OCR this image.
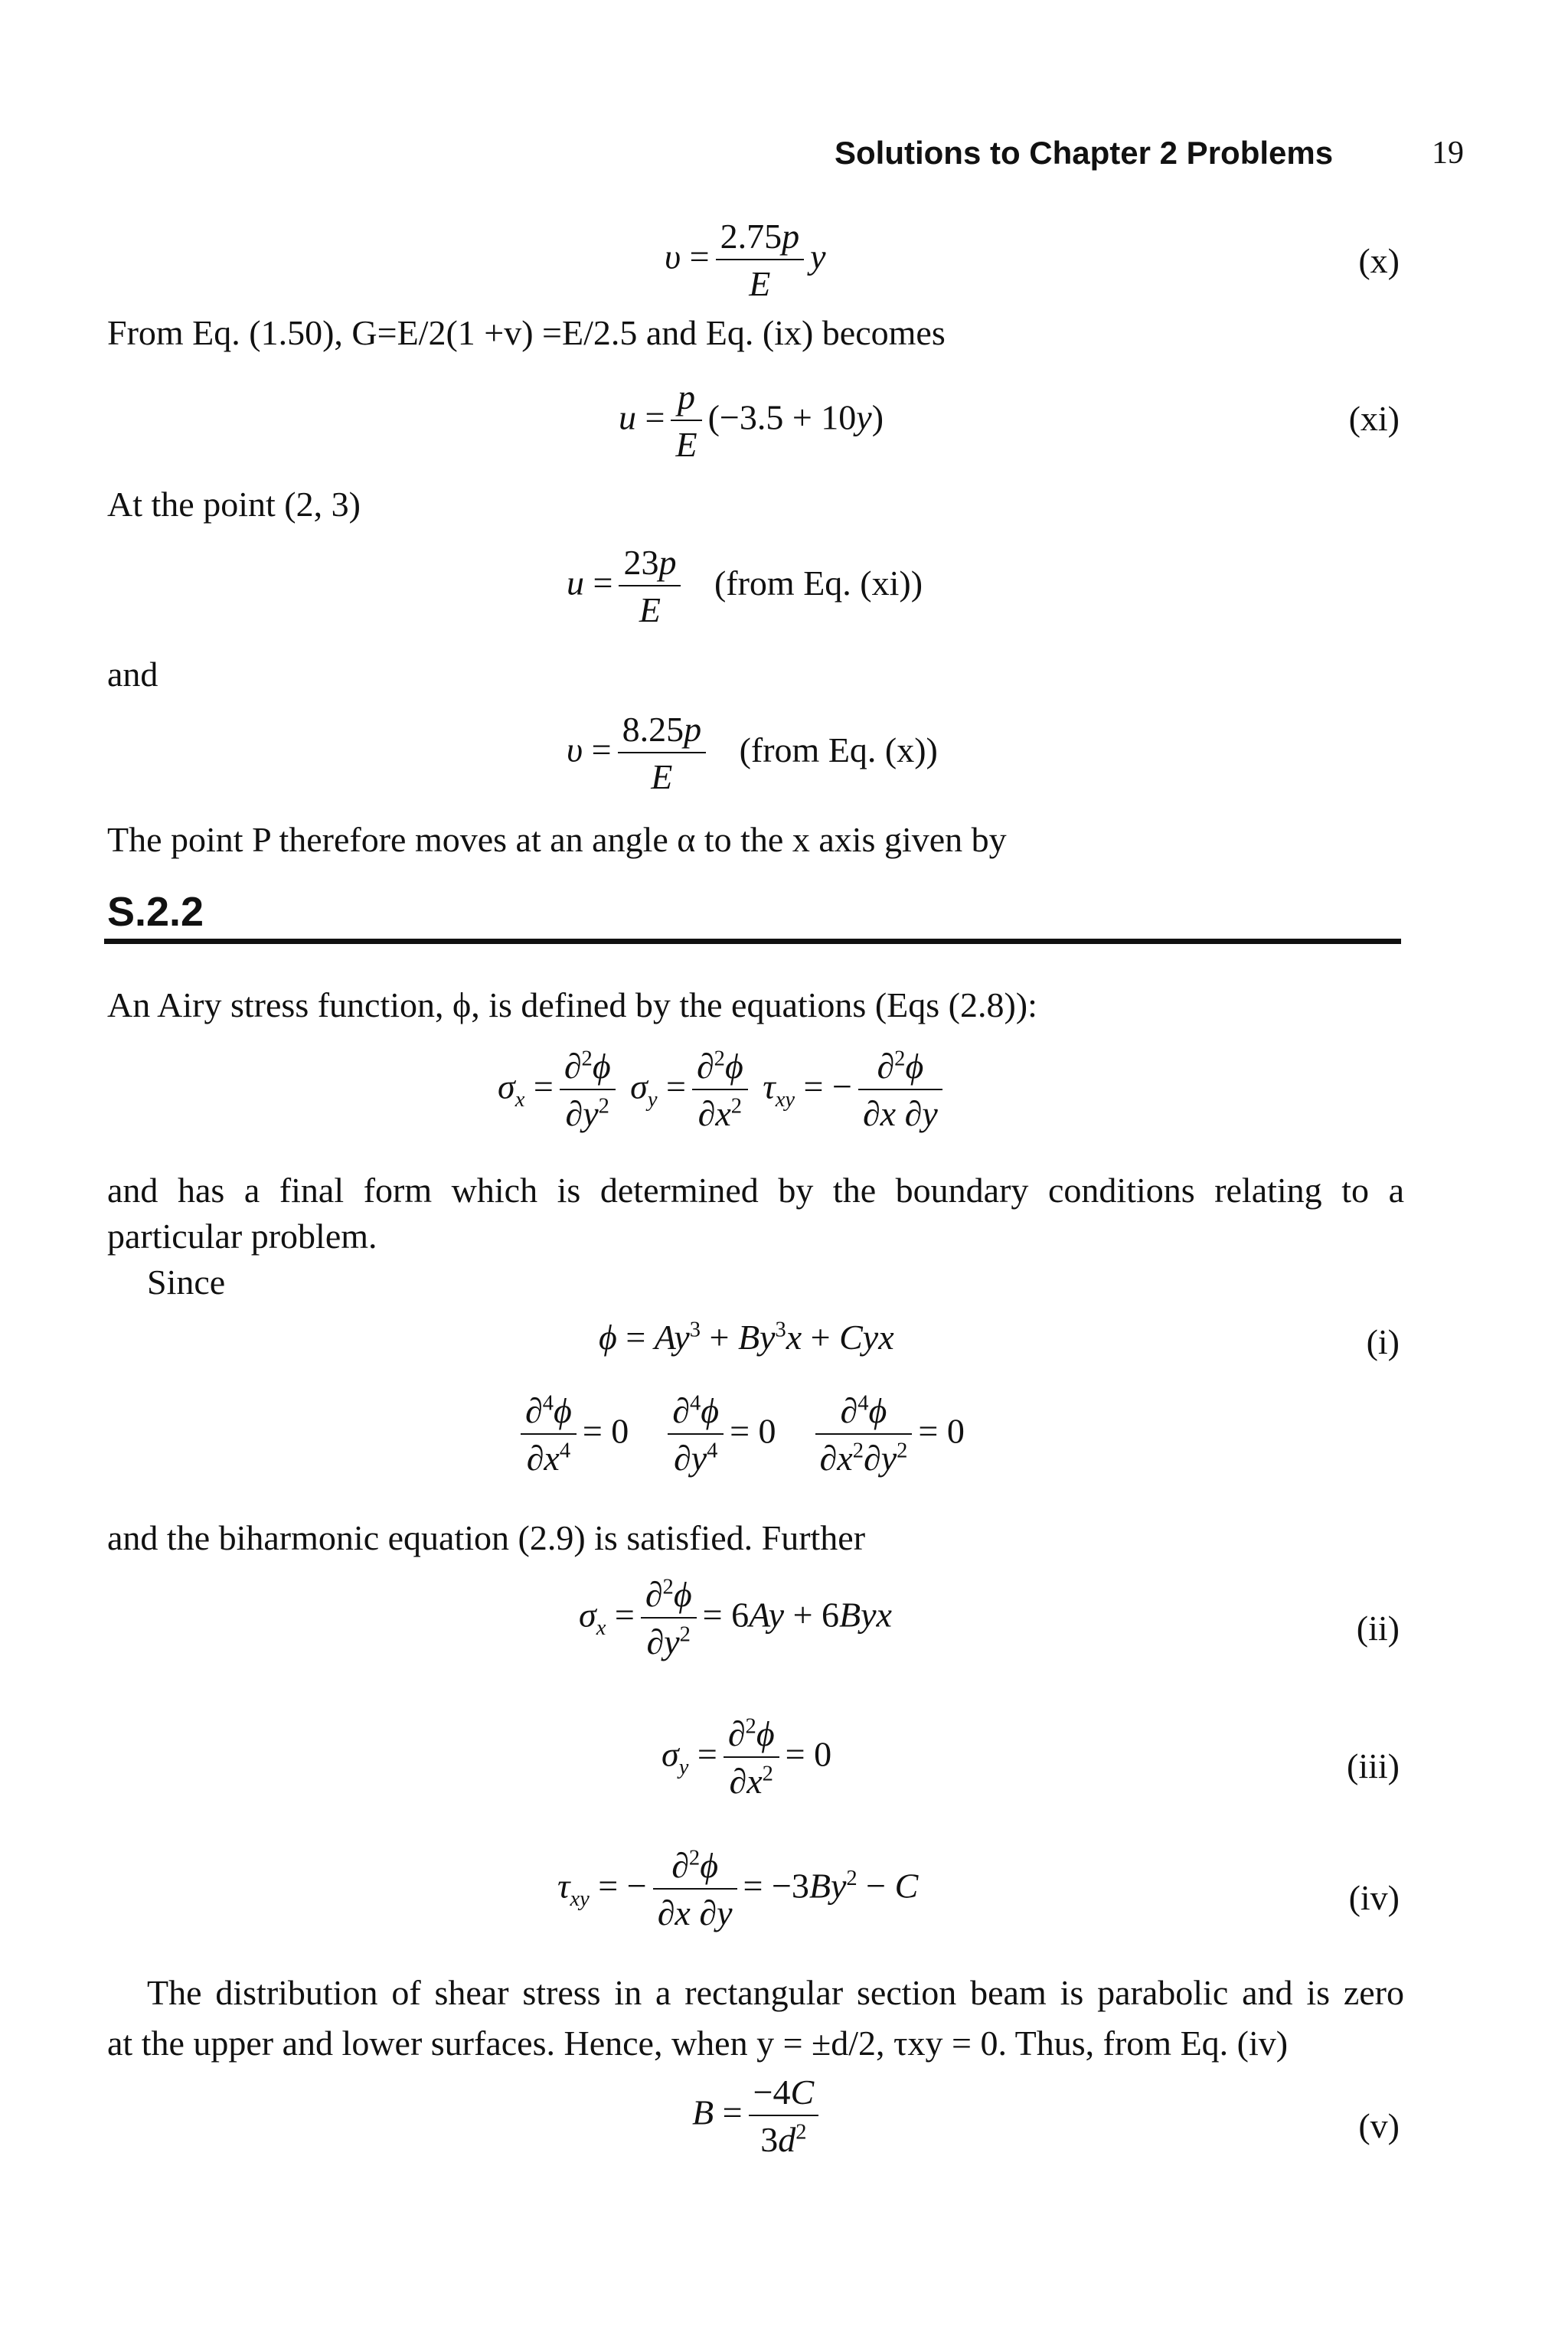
Solutions to Chapter 2 Problems	19
$\upsilon = \frac{2.75p}{E}$ y	(x)
From Eq. (1.50), G=E/2(1 +v) =E/2.5 and Eq. (ix) becomes
$u = \frac{p}{E} (-3.5 + 10y)$	(xi)
At the point (2, 3)
$u = \frac{23p}{E}$ (from Eq. (xi))
and
$\upsilon = \frac{8.25p}{E}$ (from Eq. (x))
The point P therefore moves at an angle α to the x axis given by
S.2.2
An Airy stress function, ϕ, is defined by the equations (Eqs (2.8)):
$\sigma_x = \frac{\partial^2\phi}{\partial y^2} \sigma_y = \frac{\partial^2\phi}{\partial x^2} \tau_{xy}$ = − $\frac{\partial^2\phi}{\partial x \partial y}$
and has a final form which is determined by the boundary conditions relating to a
particular problem.
Since
$\phi = Ay^3 + By^3x$ + Cyx	(i)
$\frac{\partial^4\phi}{\partial x^4} = 0 \frac{\partial^4\phi}{\partial y^4} = 0 \frac{\partial^4\phi}{\partial x^2\partial y^2} = 0$
and the biharmonic equation (2.9) is satisfied. Further
$\sigma_x = \frac{\partial^2\phi}{\partial y^2} = 6Ay + 6Byx$	(ii)
$\sigma_y = \frac{\partial^2\phi}{\partial x^2} = 0$	(iii)
$\tau_{xy}$ = − $\frac{\partial^2\phi}{\partial x \partial y} = -3By^2 - C$	(iv)
The distribution of shear stress in a rectangular section beam is parabolic and is zero
at the upper and lower surfaces. Hence, when y = ±d/2, τxy = 0. Thus, from Eq. (iv)
$B = \frac{-4C}{3d^2}$	(v)
